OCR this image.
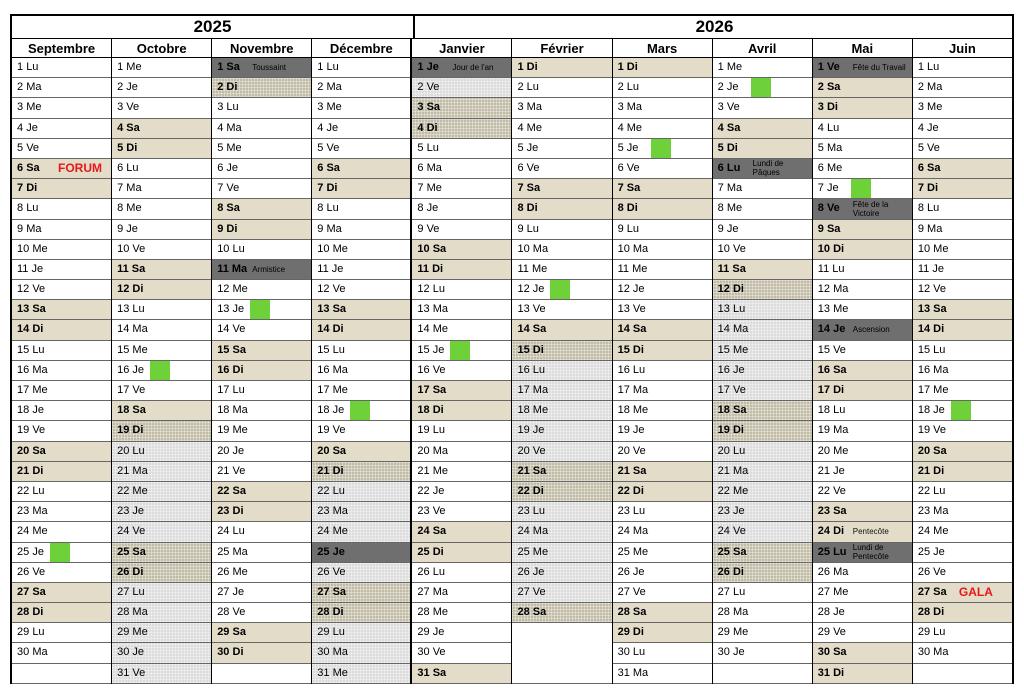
2025	2026
Septembre
1 Lu
2 Ma
3 Me
4 Je
5 Ve
6 Sa FORUM
7 Di
8 Lu
9 Ma
10 Me
11 Je
12 Ve
13 Sa
14 Di
15 Lu
16 Ma
17 Me
18 Je
19 Ve
20 Sa
21 Di
22 Lu
23 Ma
24 Me
25 Je
26 Ve
27 Sa
28 Di
29 Lu
30 Ma
Octobre
1 Me
2 Je
3 Ve
4 Sa
5 Di
6 Lu
7 Ma
8 Me
9 Je
10 Ve
11 Sa
12 Di
13 Lu
14 Ma
15 Me
16 Je
17 Ve
18 Sa
19 Di
20 Lu
21 Ma
22 Me
23 Je
24 Ve
25 Sa
26 Di
27 Lu
28 Ma
29 Me
30 Je
31 Ve
Novembre
1 Sa Toussaint
2 Di
3 Lu
4 Ma
5 Me
6 Je
7 Ve
8 Sa
9 Di
10 Lu
11 Ma Armistice
12 Me
13 Je
14 Ve
15 Sa
16 Di
17 Lu
18 Ma
19 Me
20 Je
21 Ve
22 Sa
23 Di
24 Lu
25 Ma
26 Me
27 Je
28 Ve
29 Sa
30 Di
Décembre
1 Lu
2 Ma
3 Me
4 Je
5 Ve
6 Sa
7 Di
8 Lu
9 Ma
10 Me
11 Je
12 Ve
13 Sa
14 Di
15 Lu
16 Ma
17 Me
18 Je
19 Ve
20 Sa
21 Di
22 Lu
23 Ma
24 Me
25 Je
26 Ve
27 Sa
28 Di
29 Lu
30 Ma
31 Me
Janvier
1 Je Jour de l'an
2 Ve
3 Sa
4 Di
5 Lu
6 Ma
7 Me
8 Je
9 Ve
10 Sa
11 Di
12 Lu
13 Ma
14 Me
15 Je
16 Ve
17 Sa
18 Di
19 Lu
20 Ma
21 Me
22 Je
23 Ve
24 Sa
25 Di
26 Lu
27 Ma
28 Me
29 Je
30 Ve
31 Sa
Février
1 Di
2 Lu
3 Ma
4 Me
5 Je
6 Ve
7 Sa
8 Di
9 Lu
10 Ma
11 Me
12 Je
13 Ve
14 Sa
15 Di
16 Lu
17 Ma
18 Me
19 Je
20 Ve
21 Sa
22 Di
23 Lu
24 Ma
25 Me
26 Je
27 Ve
28 Sa
Mars
1 Di
2 Lu
3 Ma
4 Me
5 Je
6 Ve
7 Sa
8 Di
9 Lu
10 Ma
11 Me
12 Je
13 Ve
14 Sa
15 Di
16 Lu
17 Ma
18 Me
19 Je
20 Ve
21 Sa
22 Di
23 Lu
24 Ma
25 Me
26 Je
27 Ve
28 Sa
29 Di
30 Lu
31 Ma
Avril
1 Me
2 Je
3 Ve
4 Sa
5 Di
6 Lu Lundi de Pâques
7 Ma
8 Me
9 Je
10 Ve
11 Sa
12 Di
13 Lu
14 Ma
15 Me
16 Je
17 Ve
18 Sa
19 Di
20 Lu
21 Ma
22 Me
23 Je
24 Ve
25 Sa
26 Di
27 Lu
28 Ma
29 Me
30 Je
Mai
1 Ve Fête du Travail
2 Sa
3 Di
4 Lu
5 Ma
6 Me
7 Je
8 Ve Fête de la Victoire
9 Sa
10 Di
11 Lu
12 Ma
13 Me
14 Je Ascension
15 Ve
16 Sa
17 Di
18 Lu
19 Ma
20 Me
21 Je
22 Ve
23 Sa
24 Di Pentecôte
25 Lu Lundi de Pentecôte
26 Ma
27 Me
28 Je
29 Ve
30 Sa
31 Di
Juin
1 Lu
2 Ma
3 Me
4 Je
5 Ve
6 Sa
7 Di
8 Lu
9 Ma
10 Me
11 Je
12 Ve
13 Sa
14 Di
15 Lu
16 Ma
17 Me
18 Je
19 Ve
20 Sa
21 Di
22 Lu
23 Ma
24 Me
25 Je
26 Ve
27 Sa GALA
28 Di
29 Lu
30 Ma
